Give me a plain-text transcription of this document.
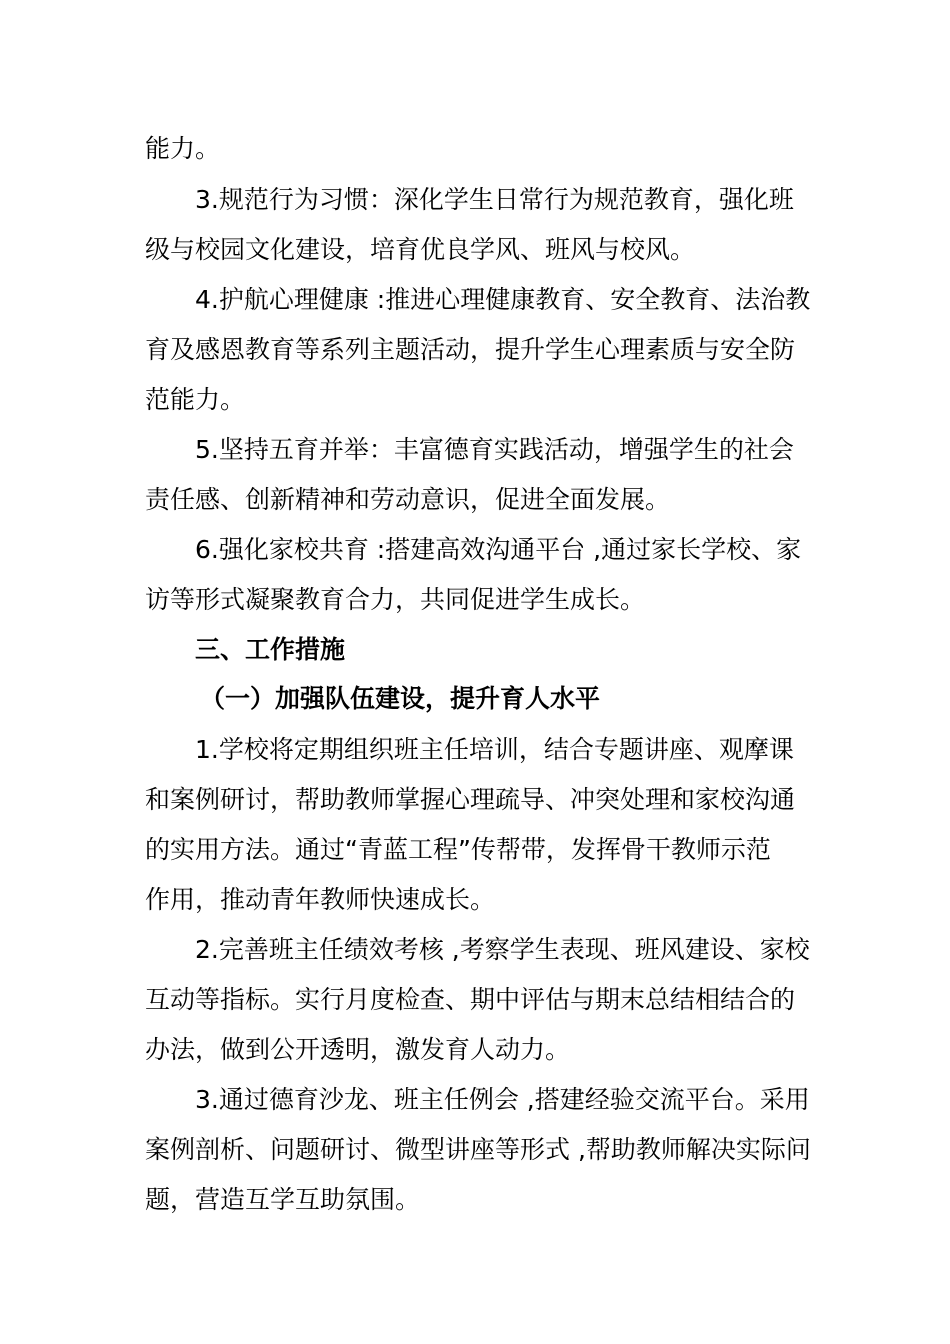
能力。
3.规范行为习惯：深化学生日常行为规范教育，强化班
级与校园文化建设，培育优良学风、班风与校风。
4.护航心理健康 :推进心理健康教育、安全教育、法治教
育及感恩教育等系列主题活动，提升学生心理素质与安全防
范能力。
5.坚持五育并举：丰富德育实践活动，增强学生的社会
责任感、创新精神和劳动意识，促进全面发展。
6.强化家校共育 :搭建高效沟通平台 ,通过家长学校、家
访等形式凝聚教育合力，共同促进学生成长。
三、工作措施
（一）加强队伍建设，提升育人水平
1.学校将定期组织班主任培训，结合专题讲座、观摩课
和案例研讨，帮助教师掌握心理疏导、冲突处理和家校沟通
的实用方法。通过“青蓝工程”传帮带，发挥骨干教师示范
作用，推动青年教师快速成长。
2.完善班主任绩效考核 ,考察学生表现、班风建设、家校
互动等指标。实行月度检查、期中评估与期末总结相结合的
办法，做到公开透明，激发育人动力。
3.通过德育沙龙、班主任例会 ,搭建经验交流平台。采用
案例剖析、问题研讨、微型讲座等形式 ,帮助教师解决实际问
题，营造互学互助氛围。
